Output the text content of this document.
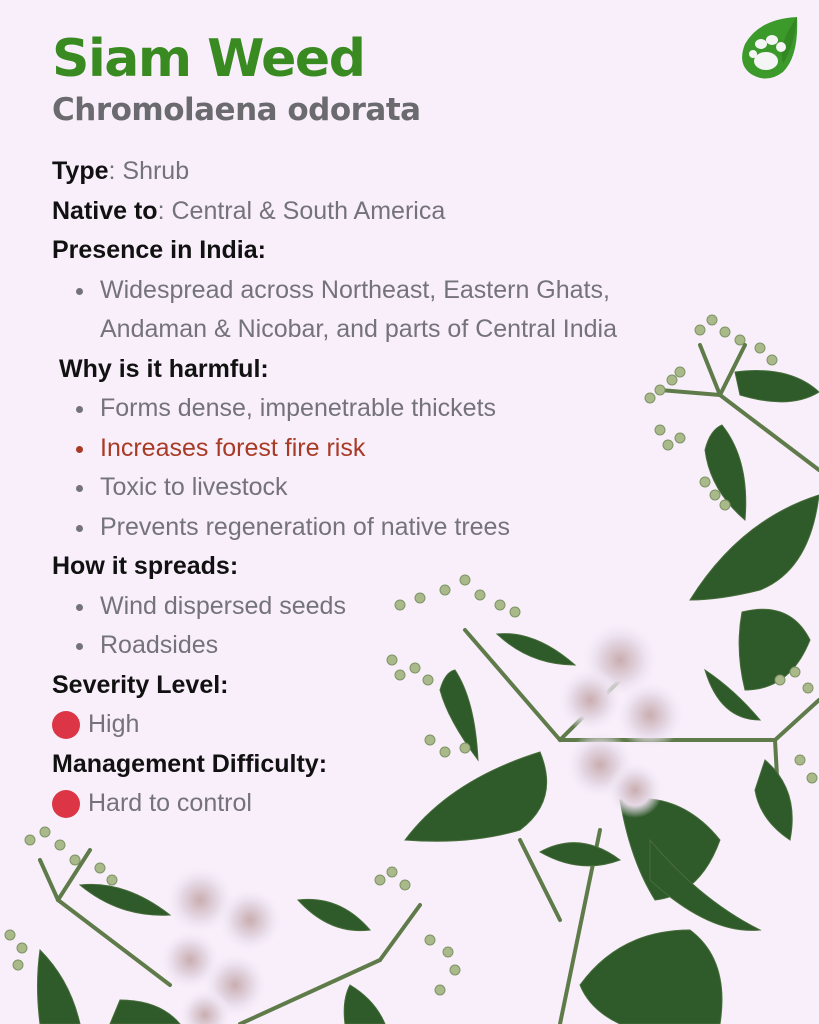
Siam Weed
Chromolaena odorata
Type: Shrub
Native to: Central & South America
Presence in India:
Widespread across Northeast, Eastern Ghats,
Andaman & Nicobar, and parts of Central India
Why is it harmful:
Forms dense, impenetrable thickets
Increases forest fire risk
Toxic to livestock
Prevents regeneration of native trees
How it spreads:
Wind dispersed seeds
Roadsides
Severity Level:
High
Management Difficulty:
Hard to control
